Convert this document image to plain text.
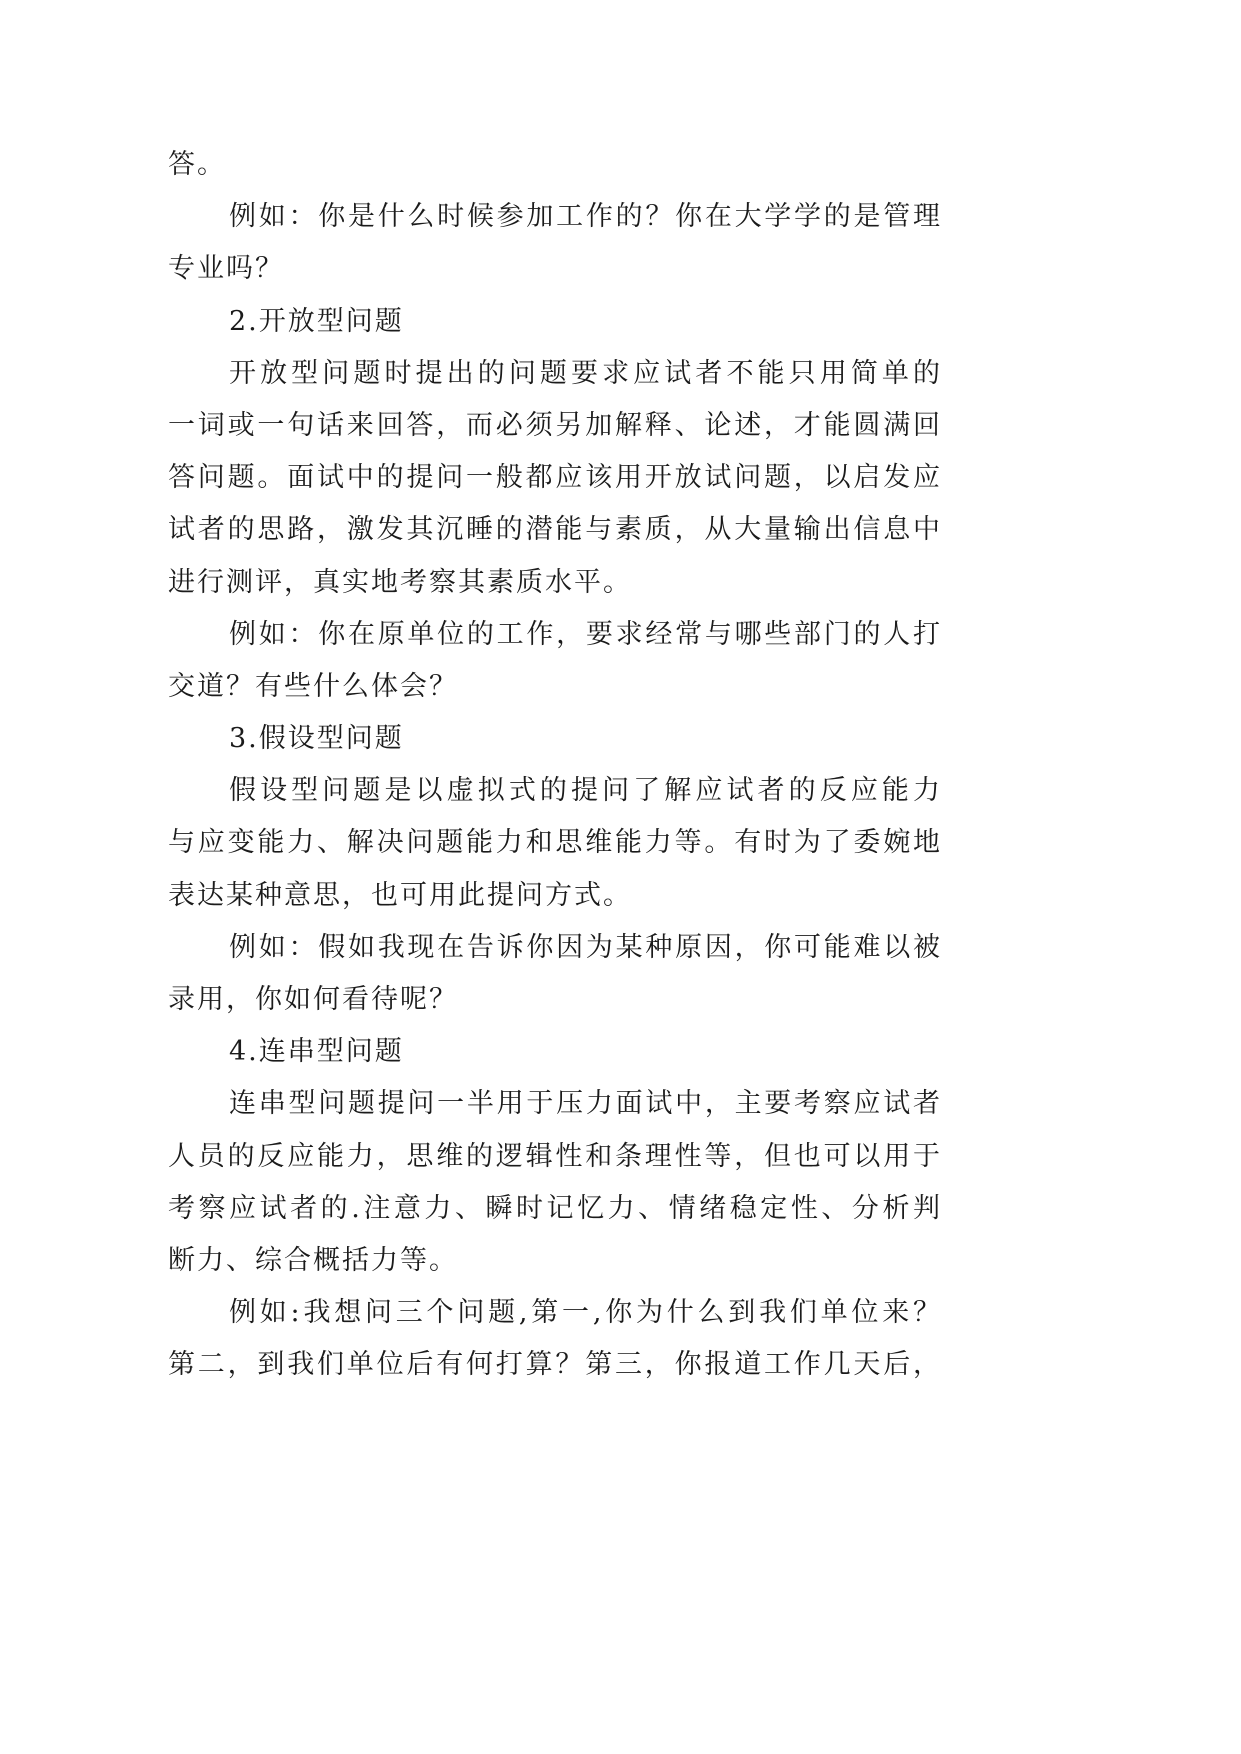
答。
例如：你是什么时候参加工作的？你在大学学的是管理
专业吗？
2.开放型问题
开放型问题时提出的问题要求应试者不能只用简单的
一词或一句话来回答，而必须另加解释、论述，才能圆满回
答问题。面试中的提问一般都应该用开放试问题，以启发应
试者的思路，激发其沉睡的潜能与素质，从大量输出信息中
进行测评，真实地考察其素质水平。
例如：你在原单位的工作，要求经常与哪些部门的人打
交道？有些什么体会？
3.假设型问题
假设型问题是以虚拟式的提问了解应试者的反应能力
与应变能力、解决问题能力和思维能力等。有时为了委婉地
表达某种意思，也可用此提问方式。
例如：假如我现在告诉你因为某种原因，你可能难以被
录用，你如何看待呢？
4.连串型问题
连串型问题提问一半用于压力面试中，主要考察应试者
人员的反应能力，思维的逻辑性和条理性等，但也可以用于
考察应试者的.注意力、瞬时记忆力、情绪稳定性、分析判
断力、综合概括力等。
例如:我想问三个问题,第一,你为什么到我们单位来？
第二，到我们单位后有何打算？第三，你报道工作几天后，
